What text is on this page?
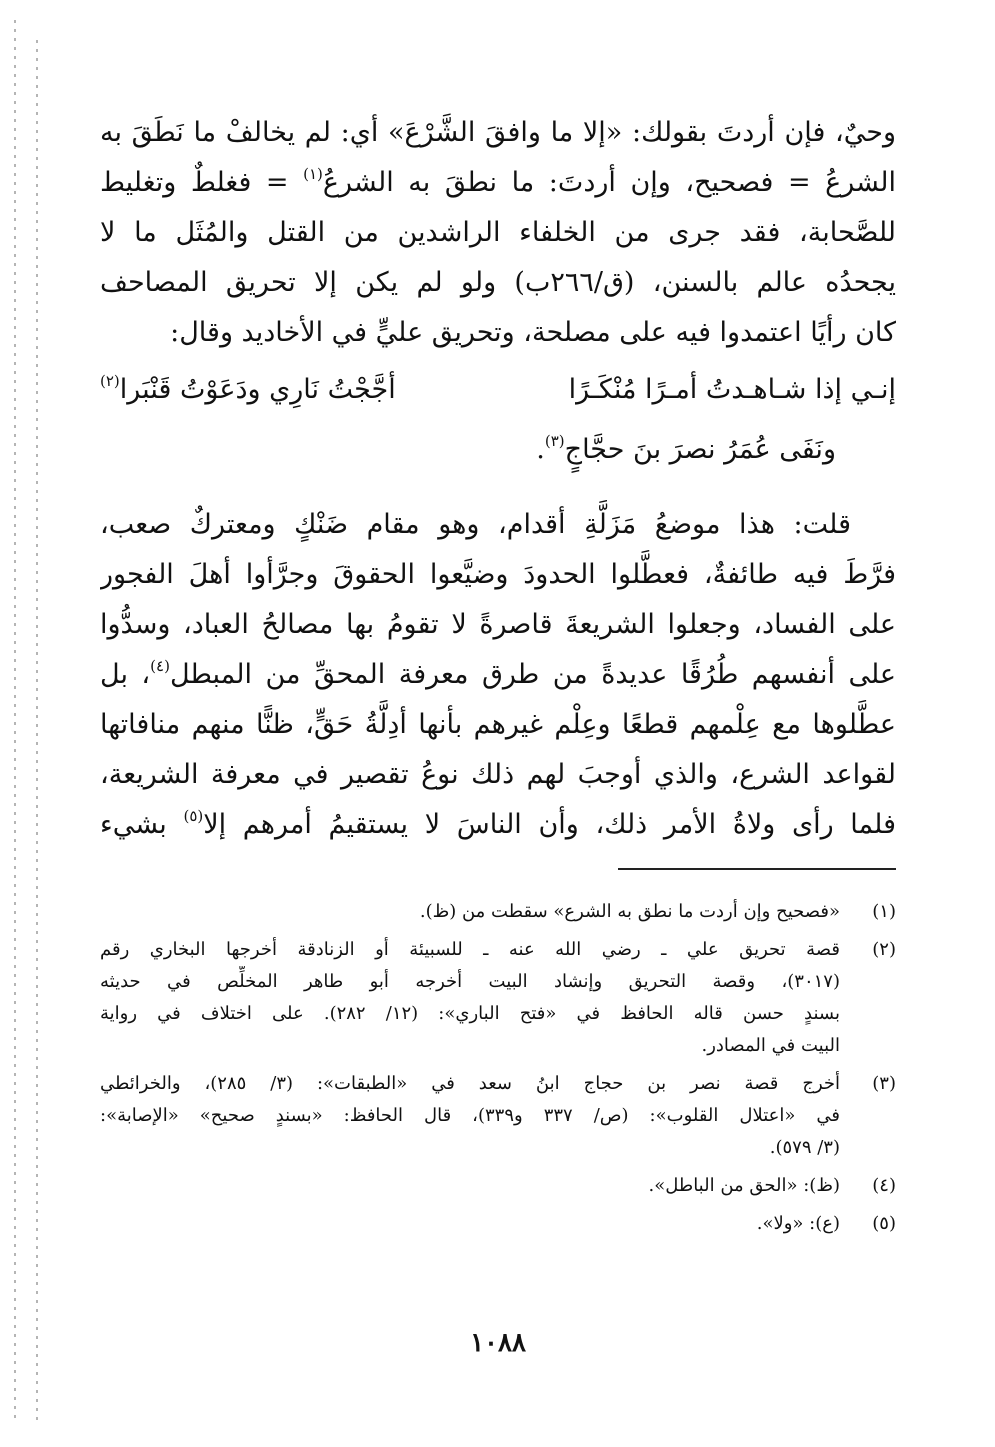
وحيٌ، فإن أردتَ بقولك: «إلا ما وافقَ الشَّرْعَ» أي: لم يخالفْ ما نَطَقَ به
الشرعُ = فصحيح، وإن أردتَ: ما نطقَ به الشرعُ$^{(١)}$ = فغلطٌ وتغليط
للصَّحابة، فقد جرى من الخلفاء الراشدين من القتل والمُثَل ما لا
يجحدُه عالم بالسنن، (ق/٢٦٦ب) ولو لم يكن إلا تحريق المصاحف
كان رأيًا اعتمدوا فيه على مصلحة، وتحريق عليٍّ في الأخاديد وقال:
إنـي إذا شـاهـدتُ أمـرًا مُنْكَـرًا
أجَّجْتُ نَارِي ودَعَوْتُ قَنْبَرا$^{(٢)}$
ونَفَى عُمَرُ نصرَ بنَ حجَّاجٍ$^{(٣)}$.
قلت: هذا موضعُ مَزَلَّةِ أقدام، وهو مقام ضَنْكٍ ومعتركٌ صعب،
فرَّطَ فيه طائفةٌ، فعطَّلوا الحدودَ وضيَّعوا الحقوقَ وجرَّأوا أهلَ الفجور
على الفساد، وجعلوا الشريعةَ قاصرةً لا تقومُ بها مصالحُ العباد، وسدُّوا
على أنفسهم طُرُقًا عديدةً من طرق معرفة المحقِّ من المبطل$^{(٤)}$، بل
عطَّلوها مع عِلْمهم قطعًا وعِلْم غيرهم بأنها أدِلَّةُ حَقٍّ، ظنًّا منهم منافاتها
لقواعد الشرع، والذي أوجبَ لهم ذلك نوعُ تقصير في معرفة الشريعة،
فلما رأى ولاةُ الأمر ذلك، وأن الناسَ لا يستقيمُ أمرهم إلا$^{(٥)}$ بشيء
(١)
«فصحيح وإن أردت ما نطق به الشرع» سقطت من (ظ).
(٢)
قصة تحريق علي ـ رضي الله عنه ـ للسبيئة أو الزنادقة أخرجها البخاري رقم
(٣٠١٧)، وقصة التحريق وإنشاد البيت أخرجه أبو طاهر المخلِّص في حديثه
بسندٍ حسن قاله الحافظ في «فتح الباري»: (١٢/ ٢٨٢). على اختلاف في رواية
البيت في المصادر.
(٣)
أخرج قصة نصر بن حجاج ابنُ سعد في «الطبقات»: (٣/ ٢٨٥)، والخرائطي
في «اعتلال القلوب»: (ص/ ٣٣٧ و٣٣٩)، قال الحافظ: «بسندٍ صحيح» «الإصابة»:
(٣/ ٥٧٩).
(٤)
(ظ): «الحق من الباطل».
(٥)
(ع): «ولا».
١٠٨٨
